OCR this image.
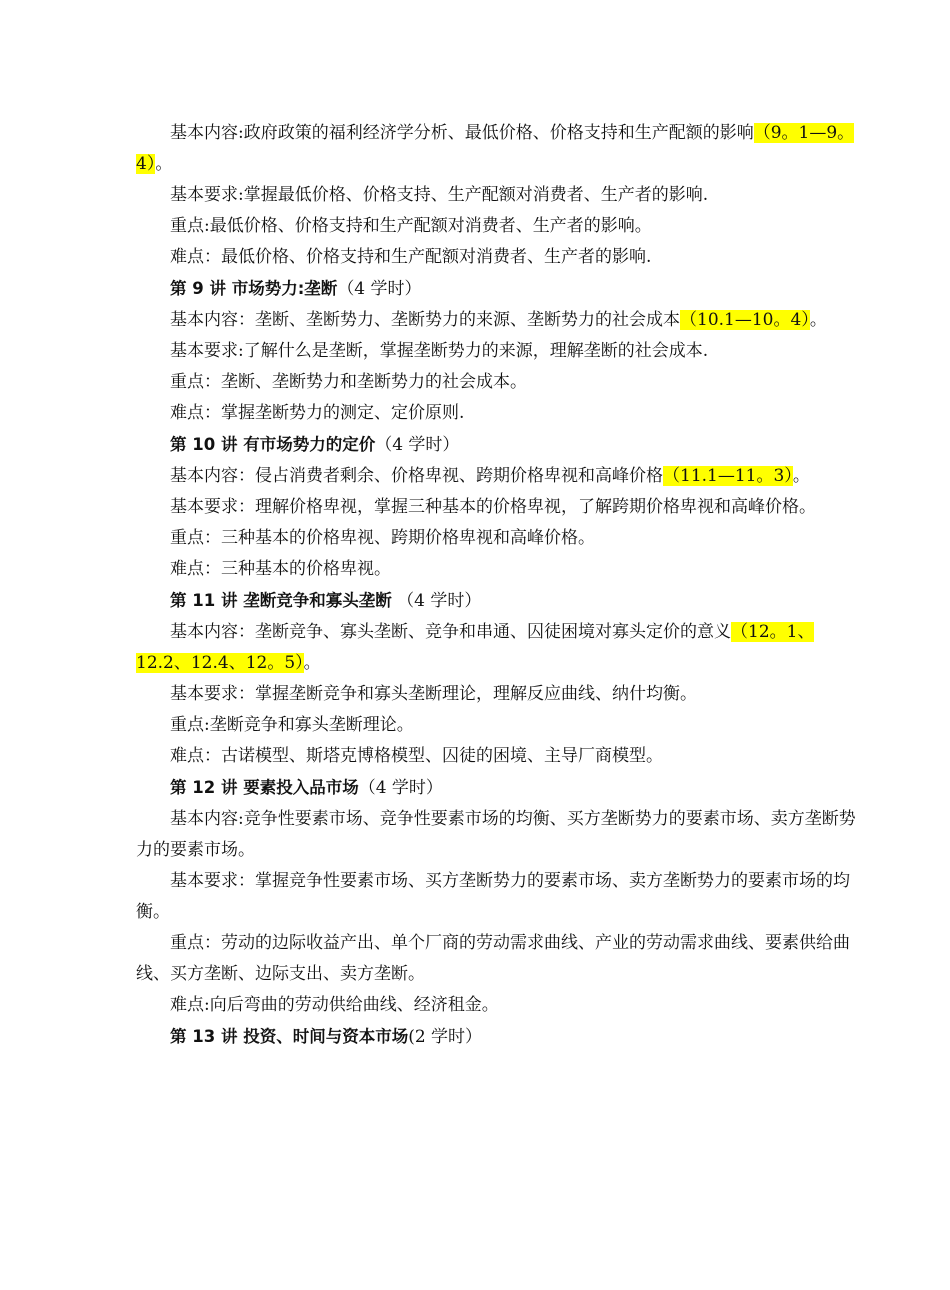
基本内容:政府政策的福利经济学分析、最低价格、价格支持和生产配额的影响（9。1—9。4）。

基本要求:掌握最低价格、价格支持、生产配额对消费者、生产者的影响.

重点:最低价格、价格支持和生产配额对消费者、生产者的影响。

难点：最低价格、价格支持和生产配额对消费者、生产者的影响.

第 9 讲 市场势力:垄断（4 学时）

基本内容：垄断、垄断势力、垄断势力的来源、垄断势力的社会成本（10.1—10。4）。

基本要求:了解什么是垄断，掌握垄断势力的来源，理解垄断的社会成本.

重点：垄断、垄断势力和垄断势力的社会成本。

难点：掌握垄断势力的测定、定价原则.

第 10 讲 有市场势力的定价（4 学时）

基本内容：侵占消费者剩余、价格卑视、跨期价格卑视和高峰价格（11.1—11。3）。

基本要求：理解价格卑视，掌握三种基本的价格卑视，了解跨期价格卑视和高峰价格。

重点：三种基本的价格卑视、跨期价格卑视和高峰价格。

难点：三种基本的价格卑视。

第 11 讲 垄断竞争和寡头垄断 （4 学时）

基本内容：垄断竞争、寡头垄断、竞争和串通、囚徒困境对寡头定价的意义（12。1、12.2、12.4、12。5）。

基本要求：掌握垄断竞争和寡头垄断理论，理解反应曲线、纳什均衡。

重点:垄断竞争和寡头垄断理论。

难点：古诺模型、斯塔克博格模型、囚徒的困境、主导厂商模型。

第 12 讲 要素投入品市场（4 学时）

基本内容:竞争性要素市场、竞争性要素市场的均衡、买方垄断势力的要素市场、卖方垄断势力的要素市场。

基本要求：掌握竞争性要素市场、买方垄断势力的要素市场、卖方垄断势力的要素市场的均衡。

重点：劳动的边际收益产出、单个厂商的劳动需求曲线、产业的劳动需求曲线、要素供给曲线、买方垄断、边际支出、卖方垄断。

难点:向后弯曲的劳动供给曲线、经济租金。

第 13 讲 投资、时间与资本市场(2 学时）
